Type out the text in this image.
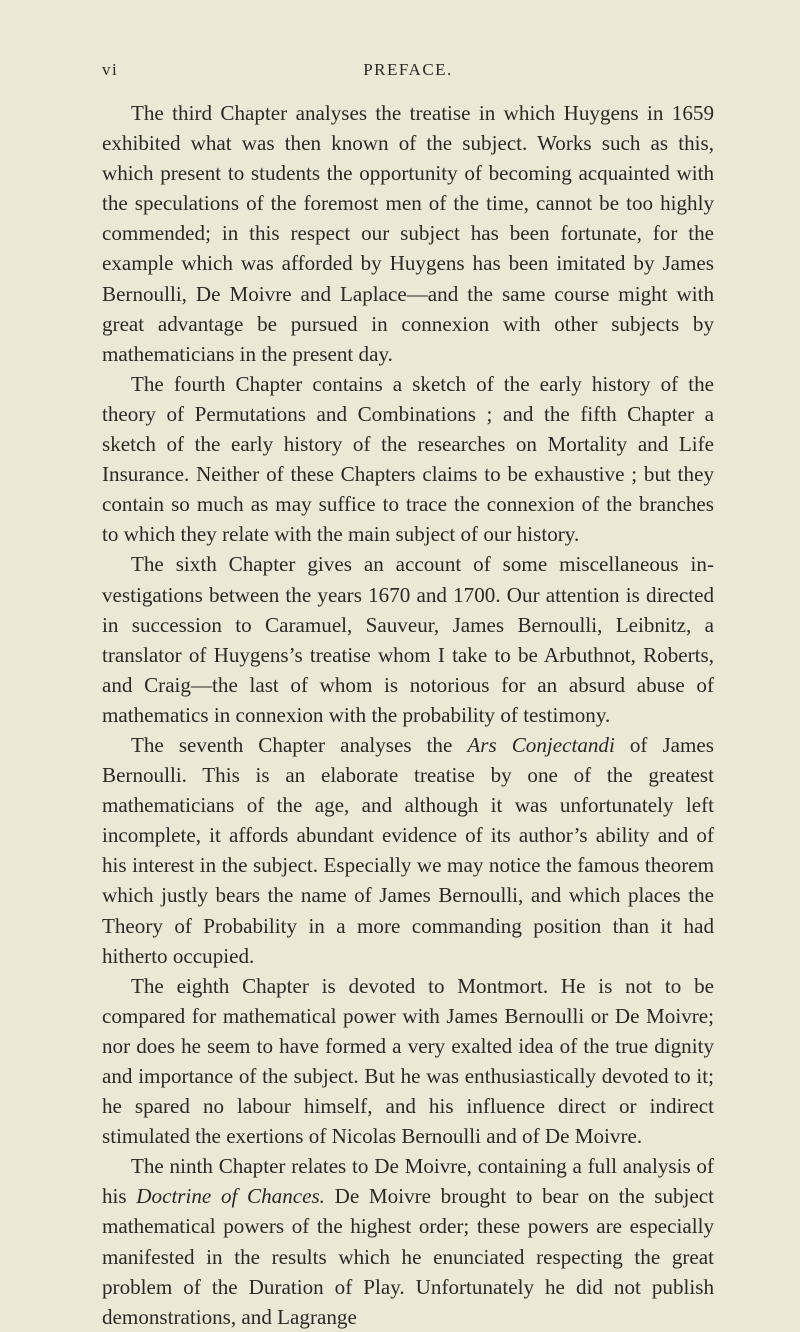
vi	PREFACE.

The third Chapter analyses the treatise in which Huygens in 1659 exhibited what was then known of the subject. Works such as this, which present to students the opportunity of becoming acquainted with the speculations of the foremost men of the time, cannot be too highly commended; in this respect our subject has been fortunate, for the example which was afforded by Huygens has been imitated by James Bernoulli, De Moivre and Laplace—and the same course might with great advantage be pursued in connexion with other subjects by mathematicians in the present day.

The fourth Chapter contains a sketch of the early history of the theory of Permutations and Combinations ; and the fifth Chapter a sketch of the early history of the researches on Mortality and Life Insurance. Neither of these Chapters claims to be exhaustive ; but they contain so much as may suffice to trace the connexion of the branches to which they relate with the main subject of our history.

The sixth Chapter gives an account of some miscellaneous investigations between the years 1670 and 1700. Our attention is directed in succession to Caramuel, Sauveur, James Bernoulli, Leibnitz, a translator of Huygens’s treatise whom I take to be Arbuthnot, Roberts, and Craig—the last of whom is notorious for an absurd abuse of mathematics in connexion with the probability of testimony.

The seventh Chapter analyses the Ars Conjectandi of James Bernoulli. This is an elaborate treatise by one of the greatest mathematicians of the age, and although it was unfortunately left incomplete, it affords abundant evidence of its author’s ability and of his interest in the subject. Especially we may notice the famous theorem which justly bears the name of James Bernoulli, and which places the Theory of Probability in a more commanding position than it had hitherto occupied.

The eighth Chapter is devoted to Montmort. He is not to be compared for mathematical power with James Bernoulli or De Moivre; nor does he seem to have formed a very exalted idea of the true dignity and importance of the subject. But he was enthusiastically devoted to it; he spared no labour himself, and his influence direct or indirect stimulated the exertions of Nicolas Bernoulli and of De Moivre.

The ninth Chapter relates to De Moivre, containing a full analysis of his Doctrine of Chances. De Moivre brought to bear on the subject mathematical powers of the highest order; these powers are especially manifested in the results which he enunciated respecting the great problem of the Duration of Play. Unfortunately he did not publish demonstrations, and Lagrange
